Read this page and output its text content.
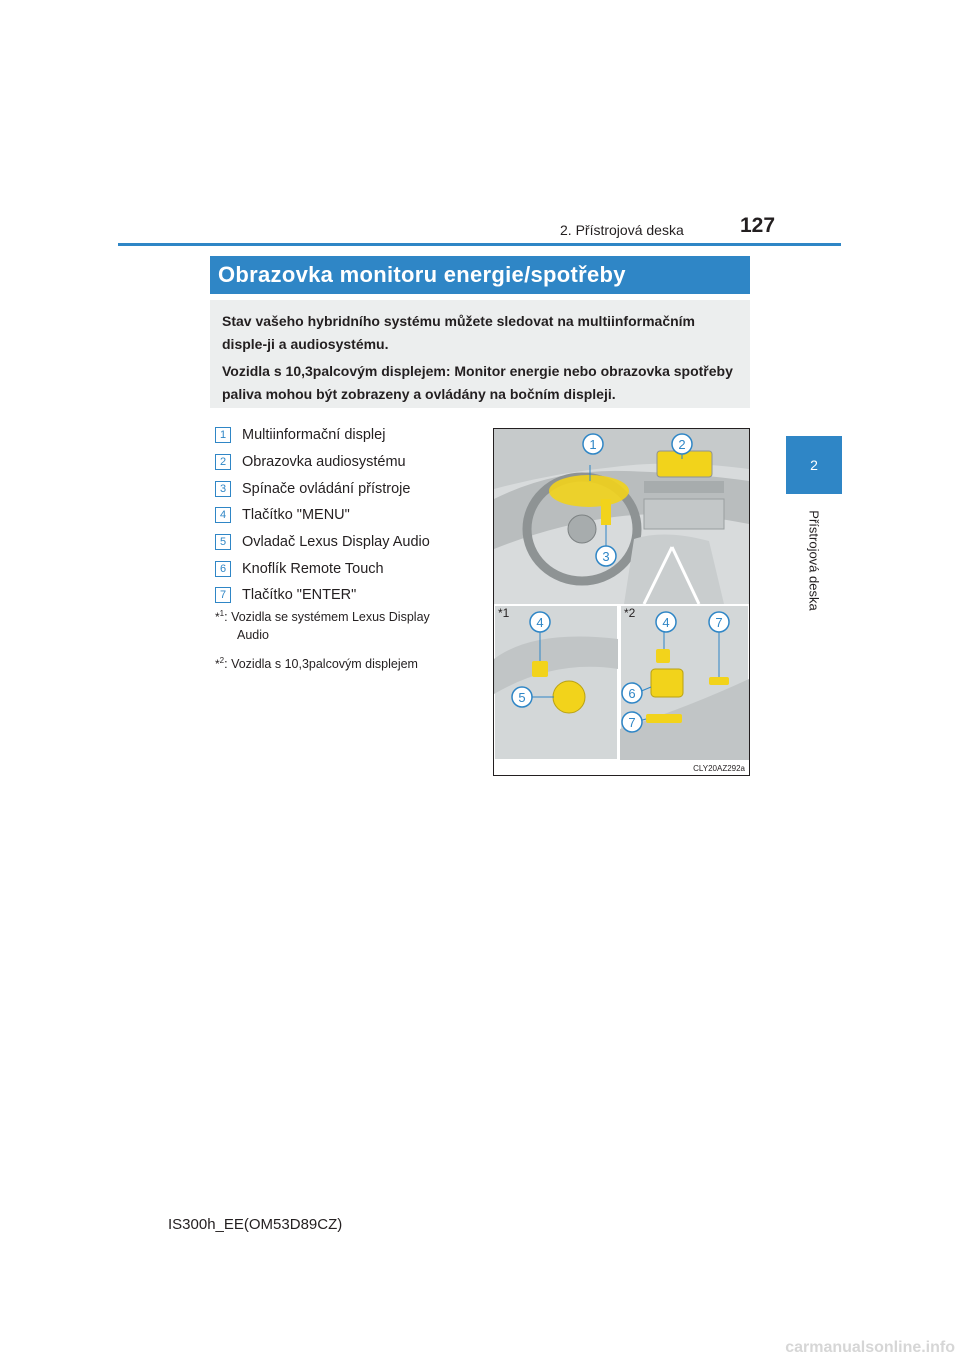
2. Přístrojová deska	127
2
Přístrojová deska
Obrazovka monitoru energie/spotřeby

Stav vašeho hybridního systému můžete sledovat na multiinformačním disple-ji a audiosystému.

Vozidla s 10,3palcovým displejem: Monitor energie nebo obrazovka spotřeby paliva mohou být zobrazeny a ovládány na bočním displeji.

1	Multiinformační displej
2	Obrazovka audiosystému
3	Spínače ovládání přístroje
4	Tlačítko "MENU"
5	Ovladač Lexus Display Audio
6	Knoflík Remote Touch
7	Tlačítko "ENTER"
*$^1$: Vozidla se systémem Lexus Display
Audio
*$^2$: Vozidla s 10,3palcovým displejem
1	2
3
*1
4
5
*2
4	7
6
7
CLY20AZ292a
IS300h_EE(OM53D89CZ)
carmanualsonline.info
